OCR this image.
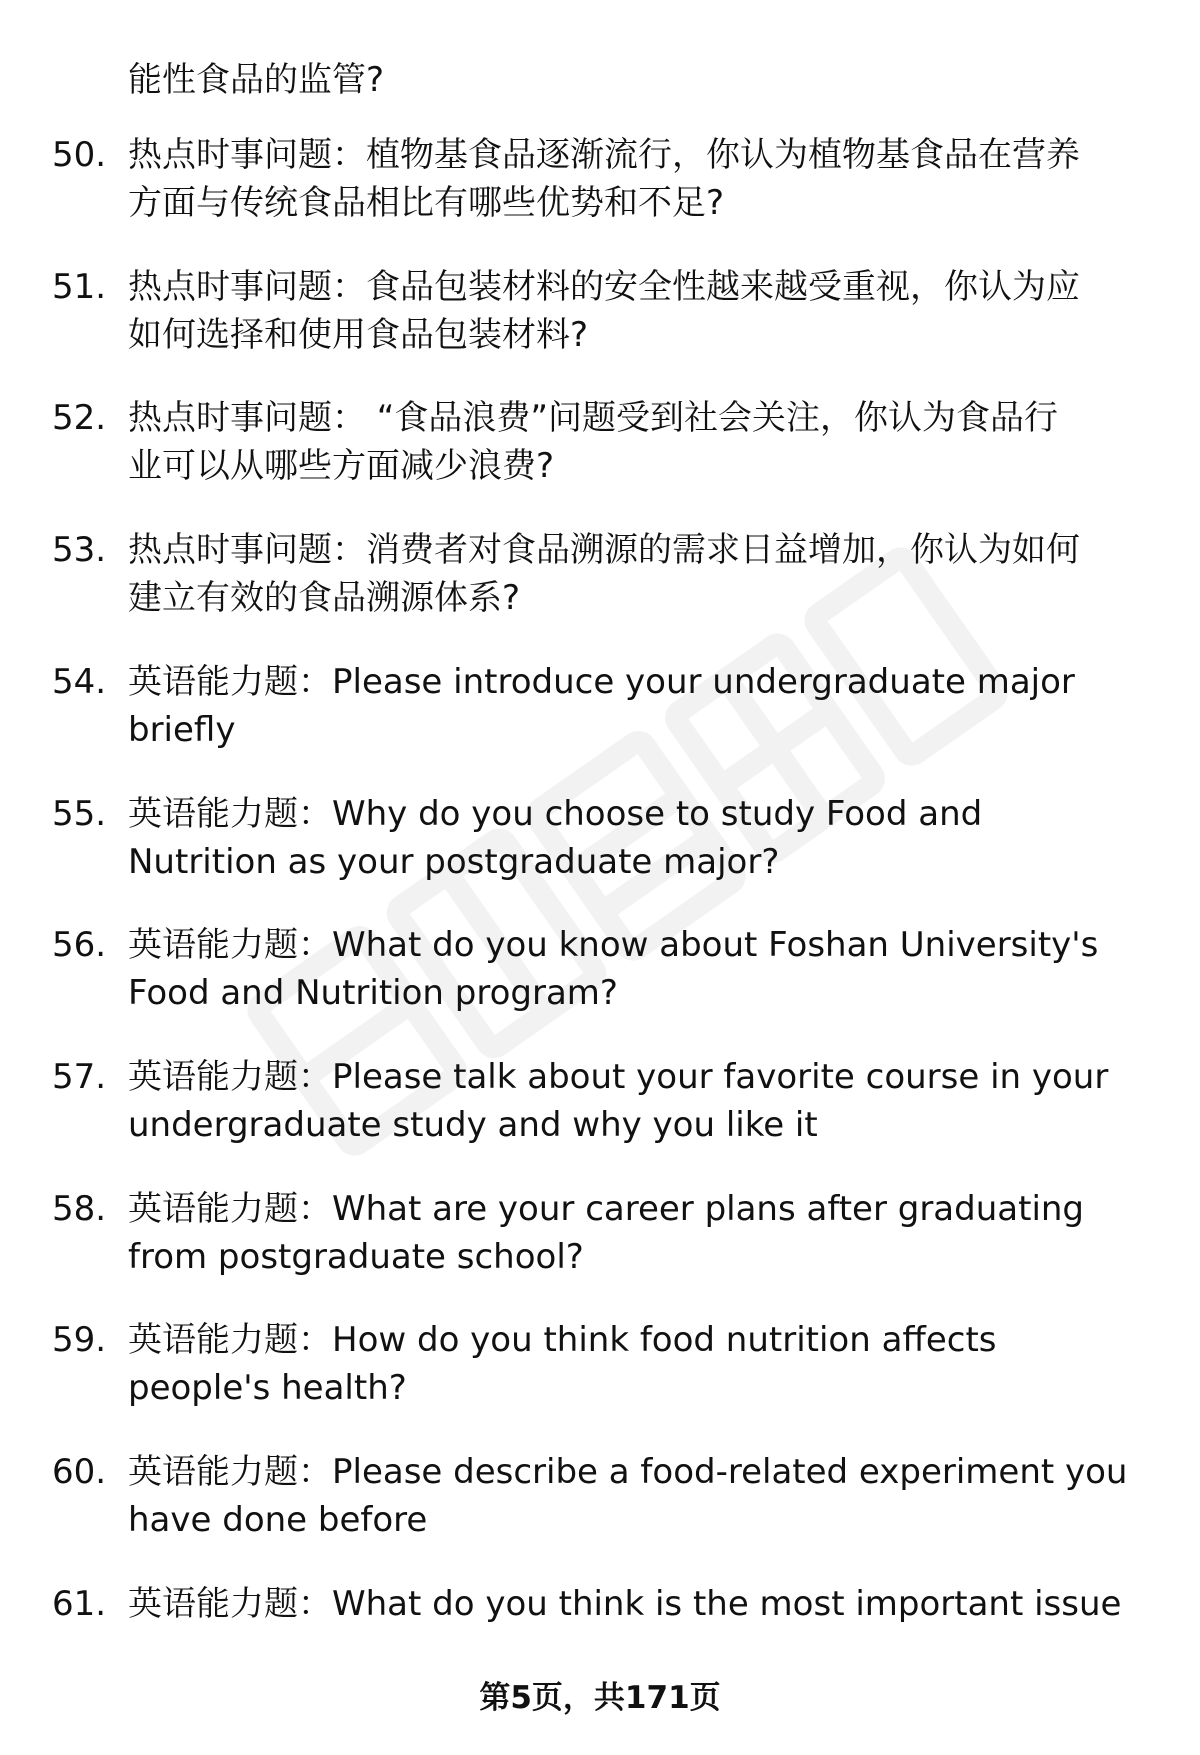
能性食品的监管?
50. 热点时事问题：植物基食品逐渐流行，你认为植物基食品在营养
方面与传统食品相比有哪些优势和不足?
51. 热点时事问题：食品包装材料的安全性越来越受重视，你认为应
如何选择和使用食品包装材料?
52. 热点时事问题： “食品浪费”问题受到社会关注，你认为食品行
业可以从哪些方面减少浪费?
53. 热点时事问题：消费者对食品溯源的需求日益增加，你认为如何
建立有效的食品溯源体系?
54. 英语能力题：Please introduce your undergraduate major
briefly
55. 英语能力题：Why do you choose to study Food and
Nutrition as your postgraduate major?
56. 英语能力题：What do you know about Foshan University's
Food and Nutrition program?
57. 英语能力题：Please talk about your favorite course in your
undergraduate study and why you like it
58. 英语能力题：What are your career plans after graduating
from postgraduate school?
59. 英语能力题：How do you think food nutrition affects
people's health?
60. 英语能力题：Please describe a food-related experiment you
have done before
61. 英语能力题：What do you think is the most important issue
第5页，共171页
